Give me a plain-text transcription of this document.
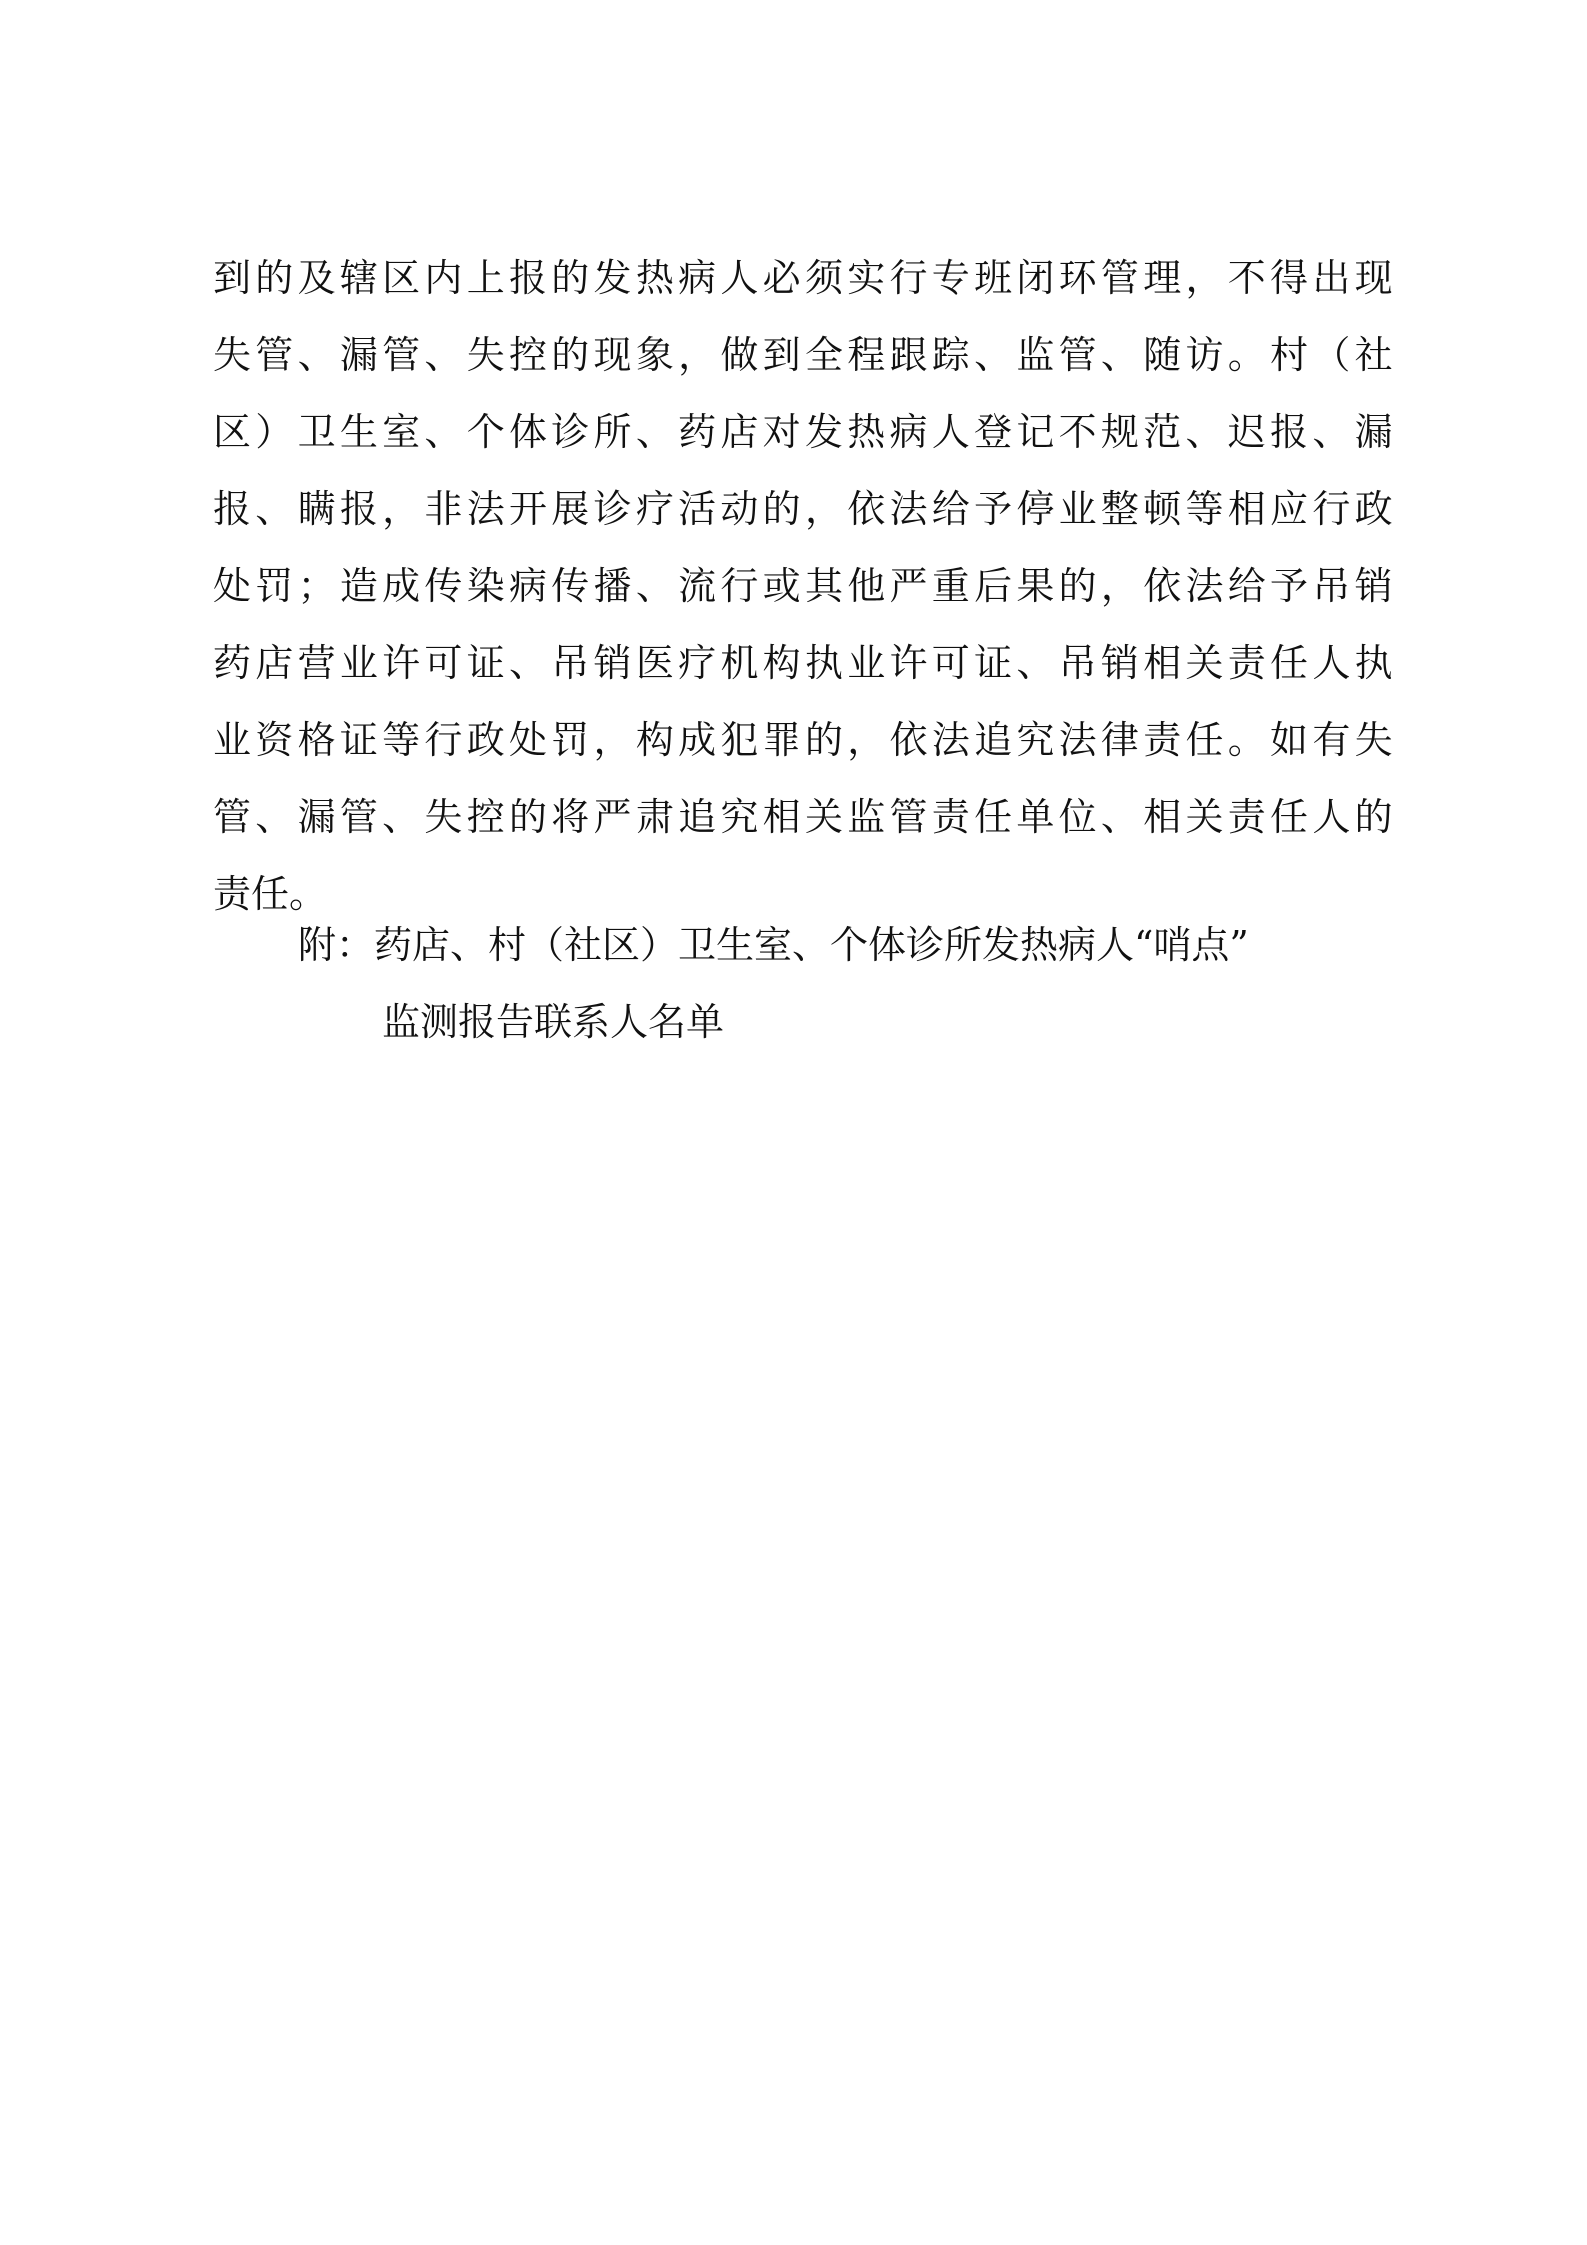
到 的 及 辖 区 内 上 报 的 发 热 病 人 必 须 实 行 专 班 闭 环 管 理 ， 不 得 出 现
失 管 、 漏 管 、 失 控 的 现 象 ， 做 到 全 程 跟 踪 、 监 管 、 随 访 。 村 （ 社
区 ） 卫 生 室 、 个 体 诊 所 、 药 店 对 发 热 病 人 登 记 不 规 范 、 迟 报 、 漏
报 、 瞒 报 ， 非 法 开 展 诊 疗 活 动 的 ， 依 法 给 予 停 业 整 顿 等 相 应 行 政
处 罚 ； 造 成 传 染 病 传 播 、 流 行 或 其 他 严 重 后 果 的 ， 依 法 给 予 吊 销
药 店 营 业 许 可 证 、 吊 销 医 疗 机 构 执 业 许 可 证 、 吊 销 相 关 责 任 人 执
业 资 格 证 等 行 政 处 罚 ， 构 成 犯 罪 的 ， 依 法 追 究 法 律 责 任 。 如 有 失
管 、 漏 管 、 失 控 的 将 严 肃 追 究 相 关 监 管 责 任 单 位 、 相 关 责 任 人 的
责任。
附：药店、村（社区）卫生室、个体诊所发热病人“哨点”
监测报告联系人名单
